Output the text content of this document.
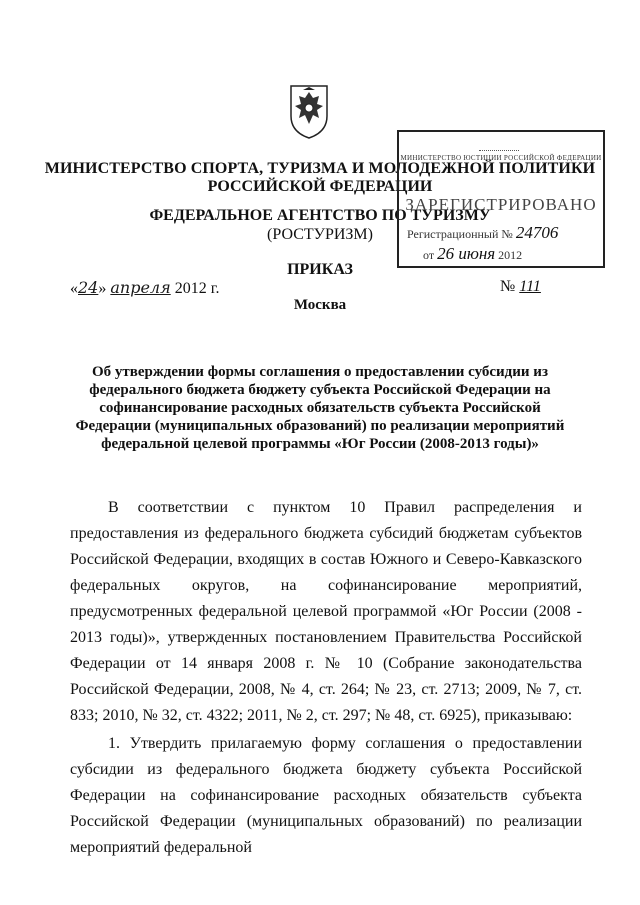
МИНИСТЕРСТВО СПОРТА, ТУРИЗМА И МОЛОДЕЖНОЙ ПОЛИТИКИ
РОССИЙСКОЙ ФЕДЕРАЦИИ
ФЕДЕРАЛЬНОЕ АГЕНТСТВО ПО ТУРИЗМУ
(РОСТУРИЗМ)
МИНИСТЕРСТВО ЮСТИЦИИ РОССИЙСКОЙ ФЕДЕРАЦИИ
ЗАРЕГИСТРИРОВАНО
Регистрационный № 24706
от 26 июня 2012
ПРИКАЗ
«24» апреля 2012 г.	№ 111
Москва
Об утверждении формы соглашения о предоставлении субсидии из федерального бюджета бюджету субъекта Российской Федерации на софинансирование расходных обязательств субъекта Российской Федерации (муниципальных образований) по реализации мероприятий федеральной целевой программы «Юг России (2008-2013 годы)»

В соответствии с пунктом 10 Правил распределения и предоставления из федерального бюджета субсидий бюджетам субъектов Российской Федерации, входящих в состав Южного и Северо-Кавказского федеральных округов, на софинансирование мероприятий, предусмотренных федеральной целевой программой «Юг России (2008 - 2013 годы)», утвержденных постановлением Правительства Российской Федерации от 14 января 2008 г. № 10 (Собрание законодательства Российской Федерации, 2008, № 4, ст. 264; № 23, ст. 2713; 2009, № 7, ст. 833; 2010, № 32, ст. 4322; 2011, № 2, ст. 297; № 48, ст. 6925), приказываю:

1. Утвердить прилагаемую форму соглашения о предоставлении субсидии из федерального бюджета бюджету субъекта Российской Федерации на софинансирование расходных обязательств субъекта Российской Федерации (муниципальных образований) по реализации мероприятий федеральной
